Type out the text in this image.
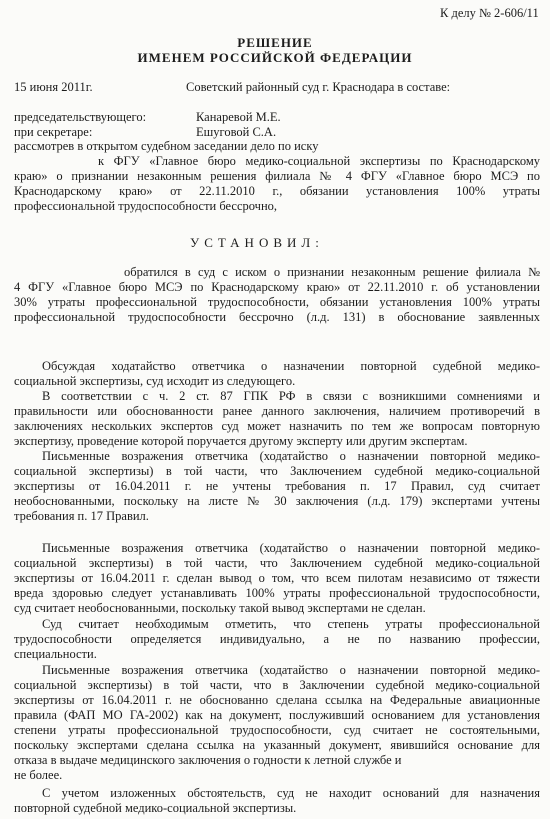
К делу № 2-606/11
РЕШЕНИЕ
ИМЕНЕМ РОССИЙСКОЙ ФЕДЕРАЦИИ
15 июня 2011г.	Советский районный суд г. Краснодара в составе:
председательствующего:	Канаревой М.Е.
при секретаре:	Ешуговой С.А.
рассмотрев в открытом судебном заседании дело по иску
к ФГУ «Главное бюро медико-социальной экспертизы по Краснодарскому
краю» о признании незаконным решения филиала № 4 ФГУ «Главное бюро МСЭ по
Краснодарскому краю» от 22.11.2010 г., обязании установления 100% утраты
профессиональной трудоспособности бессрочно,
УСТАНОВИЛ:
обратился в суд с иском о признании незаконным решение филиала №
4 ФГУ «Главное бюро МСЭ по Краснодарскому краю» от 22.11.2010 г. об установлении
30% утраты профессиональной трудоспособности, обязании установления 100% утраты
профессиональной трудоспособности бессрочно (л.д. 131) в обоснование заявленных
Обсуждая ходатайство ответчика о назначении повторной судебной медико-
социальной экспертизы, суд исходит из следующего.
В соответствии с ч. 2 ст. 87 ГПК РФ в связи с возникшими сомнениями и
правильности или обоснованности ранее данного заключения, наличием противоречий в
заключениях нескольких экспертов суд может назначить по тем же вопросам повторную
экспертизу, проведение которой поручается другому эксперту или другим экспертам.
Письменные возражения ответчика (ходатайство о назначении повторной медико-
социальной экспертизы) в той части, что Заключением судебной медико-социальной
экспертизы от 16.04.2011 г. не учтены требования п. 17 Правил, суд считает
необоснованными, поскольку на листе № 30 заключения (л.д. 179) экспертами учтены
требования п. 17 Правил.
Письменные возражения ответчика (ходатайство о назначении повторной медико-
социальной экспертизы) в той части, что Заключением судебной медико-социальной
экспертизы от 16.04.2011 г. сделан вывод о том, что всем пилотам независимо от тяжести
вреда здоровью следует устанавливать 100% утраты профессиональной трудоспособности,
суд считает необоснованными, поскольку такой вывод экспертами не сделан.
Суд считает необходимым отметить, что степень утраты профессиональной
трудоспособности определяется индивидуально, а не по названию профессии,
специальности.
Письменные возражения ответчика (ходатайство о назначении повторной медико-
социальной экспертизы) в той части, что в Заключении судебной медико-социальной
экспертизы от 16.04.2011 г. не обоснованно сделана ссылка на Федеральные авиационные
правила (ФАП МО ГА-2002) как на документ, послуживший основанием для установления
степени утраты профессиональной трудоспособности, суд считает не состоятельными,
поскольку экспертами сделана ссылка на указанный документ, явившийся основание для
отказа в выдаче медицинского заключения о годности к летной службе и
не более.
С учетом изложенных обстоятельств, суд не находит оснований для назначения
повторной судебной медико-социальной экспертизы.
